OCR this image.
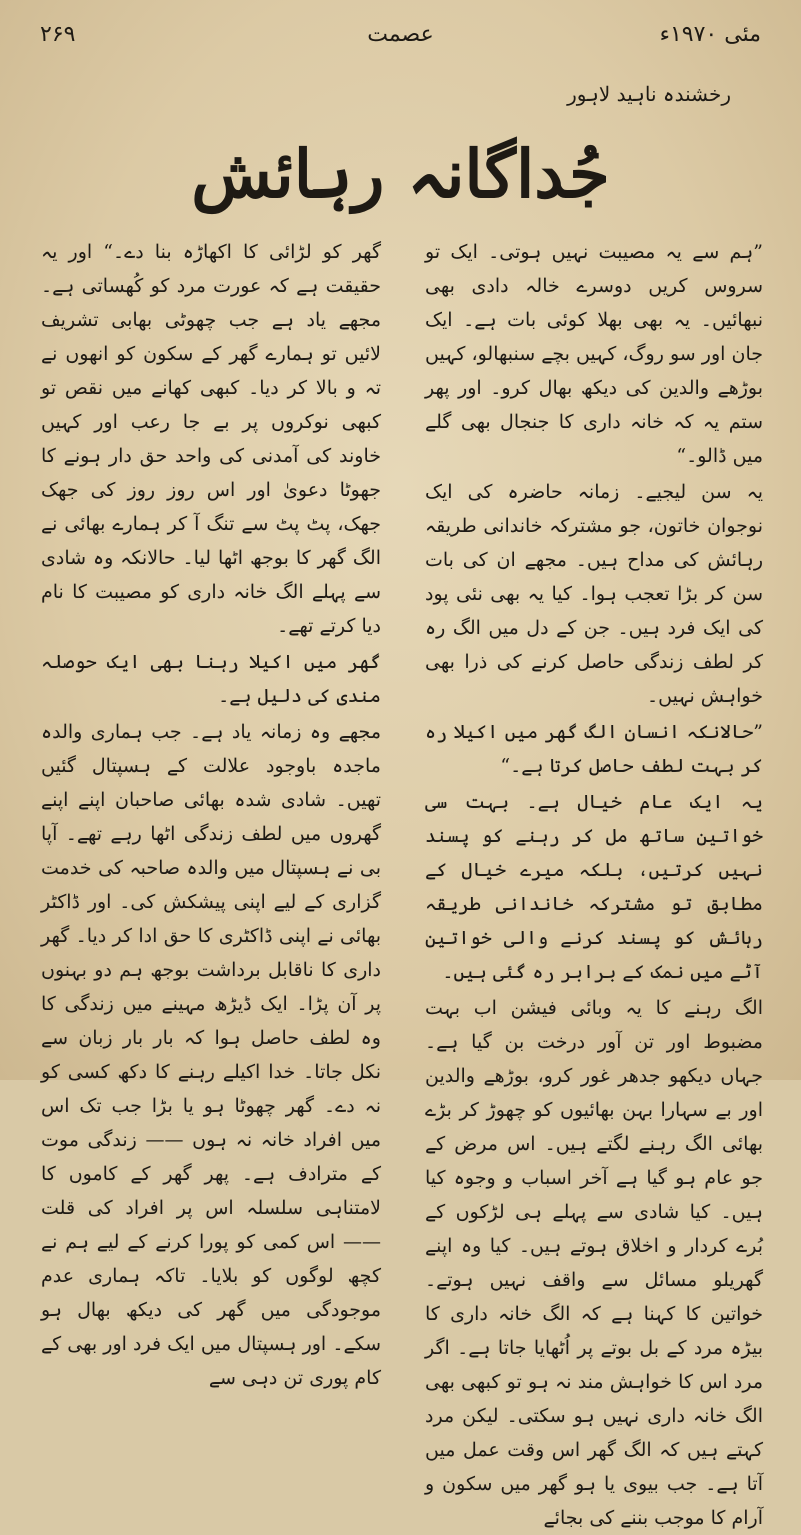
مئی ۱۹۷۰ء
عصمت
۲۶۹
رخشندہ ناہید لاہور
جُداگانہ رہائش

”ہم سے یہ مصیبت نہیں ہوتی۔ ایک تو سروس کریں دوسرے خالہ دادی بھی نبھائیں۔ یہ بھی بھلا کوئی بات ہے۔ ایک جان اور سو روگ، کہیں بچے سنبھالو، کہیں بوڑھے والدین کی دیکھ بھال کرو۔ اور پھر ستم یہ کہ خانہ داری کا جنجال بھی گلے میں ڈالو۔“

یہ سن لیجیے۔ زمانہ حاضرہ کی ایک نوجوان خاتون، جو مشترکہ خاندانی طریقہ رہائش کی مداح ہیں۔ مجھے ان کی بات سن کر بڑا تعجب ہوا۔ کیا یہ بھی نئی پود کی ایک فرد ہیں۔ جن کے دل میں الگ رہ کر لطف زندگی حاصل کرنے کی ذرا بھی خواہش نہیں۔

”حالانکہ انسان الگ گھر میں اکیلا رہ کر بہت لطف حاصل کرتا ہے۔“

یہ ایک عام خیال ہے۔ بہت سی خواتین ساتھ مل کر رہنے کو پسند نہیں کرتیں، بلکہ میرے خیال کے مطابق تو مشترکہ خاندانی طریقہ رہائش کو پسند کرنے والی خواتین آٹے میں نمک کے برابر رہ گئی ہیں۔

الگ رہنے کا یہ وبائی فیشن اب بہت مضبوط اور تن آور درخت بن گیا ہے۔ جہاں دیکھو جدھر غور کرو، بوڑھے والدین اور بے سہارا بہن بھائیوں کو چھوڑ کر بڑے بھائی الگ رہنے لگتے ہیں۔ اس مرض کے جو عام ہو گیا ہے آخر اسباب و وجوہ کیا ہیں۔ کیا شادی سے پہلے ہی لڑکوں کے بُرے کردار و اخلاق ہوتے ہیں۔ کیا وہ اپنے گھریلو مسائل سے واقف نہیں ہوتے۔ خواتین کا کہنا ہے کہ الگ خانہ داری کا بیڑہ مرد کے بل بوتے پر اُٹھایا جاتا ہے۔ اگر مرد اس کا خواہش مند نہ ہو تو کبھی بھی الگ خانہ داری نہیں ہو سکتی۔ لیکن مرد کہتے ہیں کہ الگ گھر اس وقت عمل میں آتا ہے۔ جب بیوی یا ہو گھر میں سکون و آرام کا موجب بننے کی بجائے

گھر کو لڑائی کا اکھاڑہ بنا دے۔“ اور یہ حقیقت ہے کہ عورت مرد کو کُھساتی ہے۔ مجھے یاد ہے جب چھوٹی بھابی تشریف لائیں تو ہمارے گھر کے سکون کو انھوں نے تہ و بالا کر دیا۔ کبھی کھانے میں نقص تو کبھی نوکروں پر بے جا رعب اور کہیں خاوند کی آمدنی کی واحد حق دار ہونے کا جھوٹا دعویٰ اور اس روز روز کی جھک جھک، پٹ پٹ سے تنگ آ کر ہمارے بھائی نے الگ گھر کا بوجھ اٹھا لیا۔ حالانکہ وہ شادی سے پہلے الگ خانہ داری کو مصیبت کا نام دیا کرتے تھے۔

گھر میں اکیلا رہنا بھی ایک حوصلہ مندی کی دلیل ہے۔

مجھے وہ زمانہ یاد ہے۔ جب ہماری والدہ ماجدہ باوجود علالت کے ہسپتال گئیں تھیں۔ شادی شدہ بھائی صاحبان اپنے اپنے گھروں میں لطف زندگی اٹھا رہے تھے۔ آپا بی نے ہسپتال میں والدہ صاحبہ کی خدمت گزاری کے لیے اپنی پیشکش کی۔ اور ڈاکٹر بھائی نے اپنی ڈاکٹری کا حق ادا کر دیا۔ گھر داری کا ناقابل برداشت بوجھ ہم دو بہنوں پر آن پڑا۔ ایک ڈیڑھ مہینے میں زندگی کا وہ لطف حاصل ہوا کہ بار بار زبان سے نکل جاتا۔ خدا اکیلے رہنے کا دکھ کسی کو نہ دے۔ گھر چھوٹا ہو یا بڑا جب تک اس میں افراد خانہ نہ ہوں —— زندگی موت کے مترادف ہے۔ پھر گھر کے کاموں کا لامتناہی سلسلہ اس پر افراد کی قلت —— اس کمی کو پورا کرنے کے لیے ہم نے کچھ لوگوں کو بلایا۔ تاکہ ہماری عدم موجودگی میں گھر کی دیکھ بھال ہو سکے۔ اور ہسپتال میں ایک فرد اور بھی کے کام پوری تن دہی سے
